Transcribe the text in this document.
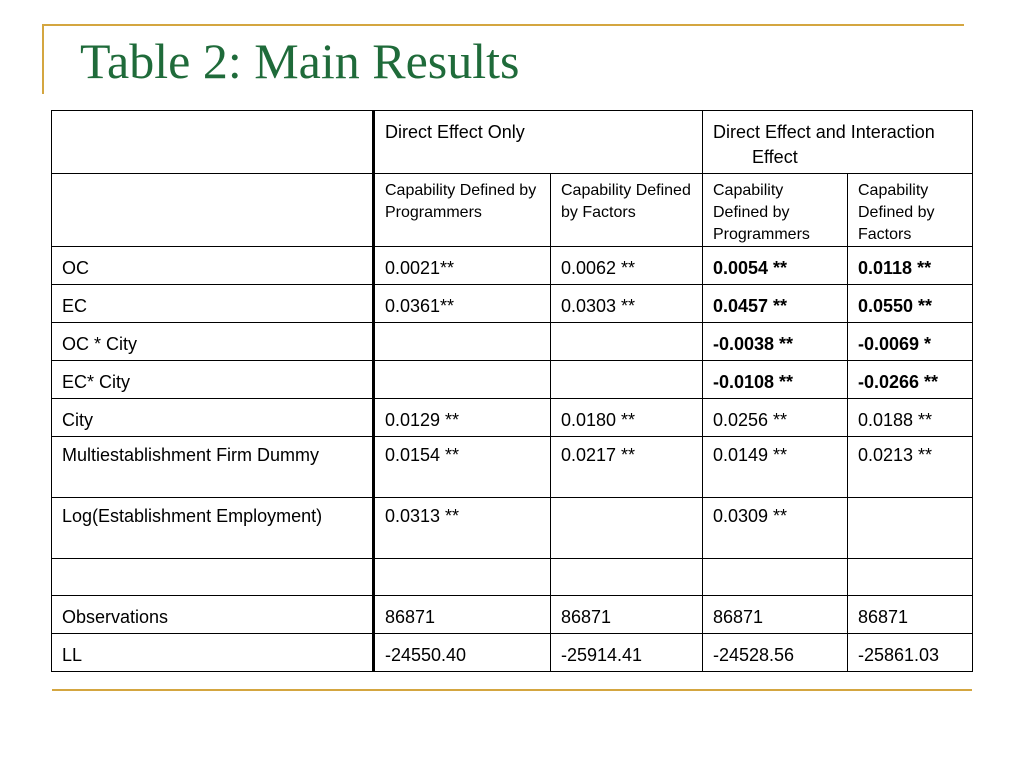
Table 2: Main Results
	Direct Effect Only		Direct Effect and Interaction Effect	

	Capability Defined by Programmers	Capability Defined by Factors	Capability Defined by Programmers	Capability Defined by Factors

OC	0.0021**	0.0062 **	0.0054 **	0.0118 **

EC	0.0361**	0.0303 **	0.0457 **	0.0550 **

OC * City			-0.0038 **	-0.0069 *

EC* City			-0.0108 **	-0.0266 **

City	0.0129 **	0.0180 **	0.0256 **	0.0188 **

Multiestablishment Firm Dummy	0.0154 **	0.0217 **	0.0149 **	0.0213 **

Log(Establishment Employment)	0.0313 **		0.0309 **	

Observations	86871	86871	86871	86871

LL	-24550.40	-25914.41	-24528.56	-25861.03
